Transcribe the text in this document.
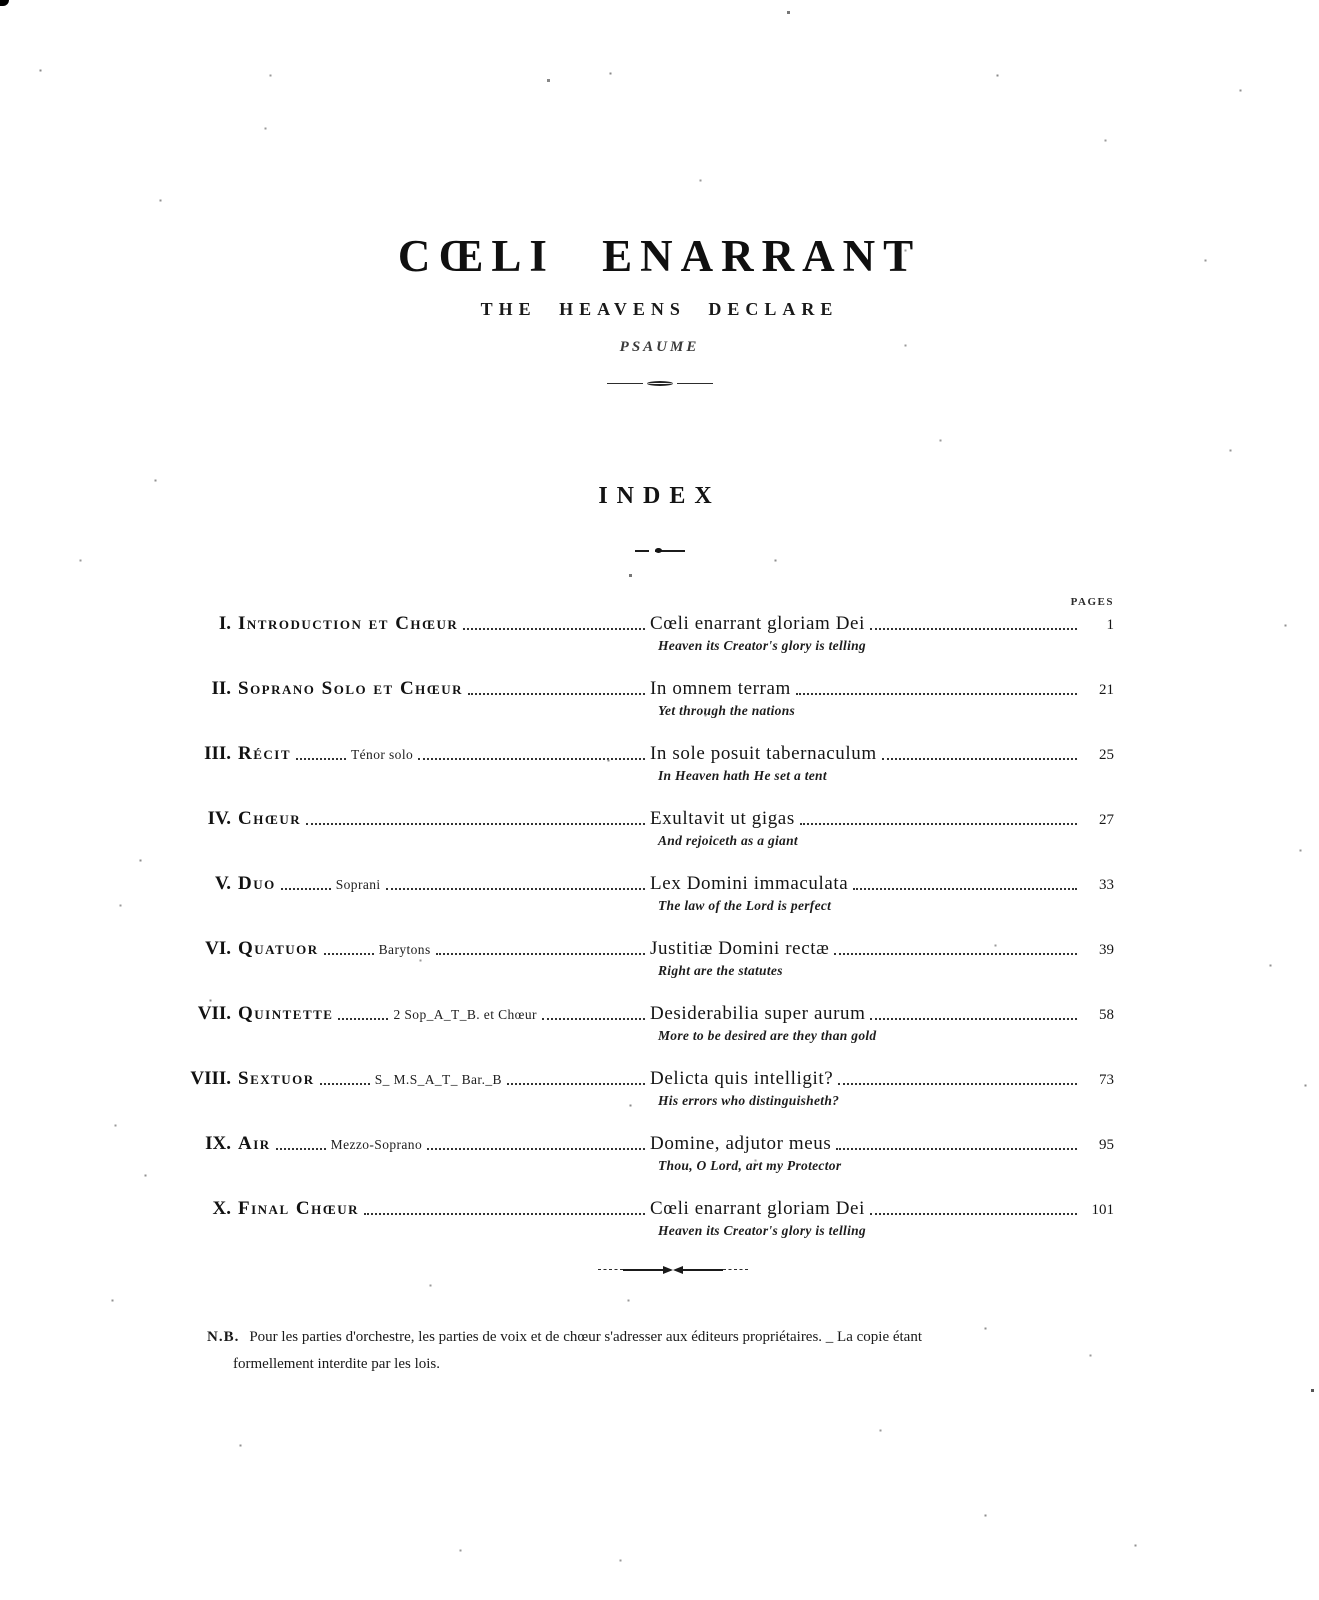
CŒLI ENARRANT
THE HEAVENS DECLARE
PSAUME
INDEX
PAGES
I. Introduction et Chœur	Cœli enarrant gloriam Dei	1
Heaven its Creator's glory is telling
II. Soprano Solo et Chœur	In omnem terram	21
Yet through the nations
III. Récit	Ténor solo	In sole posuit tabernaculum	25
In Heaven hath He set a tent
IV. Chœur	Exultavit ut gigas	27
And rejoiceth as a giant
V. Duo	Soprani	Lex Domini immaculata	33
The law of the Lord is perfect
VI. Quatuor	Barytons	Justitiæ Domini rectæ	39
Right are the statutes
VII. Quintette	2 Sop_A_T_B. et Chœur	Desiderabilia super aurum	58
More to be desired are they than gold
VIII. Sextuor	S_ M.S_A_T_ Bar._B	Delicta quis intelligit?	73
His errors who distinguisheth?
IX. Air	Mezzo-Soprano	Domine, adjutor meus	95
Thou, O Lord, art my Protector
X. Final Chœur	Cœli enarrant gloriam Dei	101
Heaven its Creator's glory is telling
N.B. Pour les parties d'orchestre, les parties de voix et de chœur s'adresser aux éditeurs propriétaires. _ La copie étant
formellement interdite par les lois.
